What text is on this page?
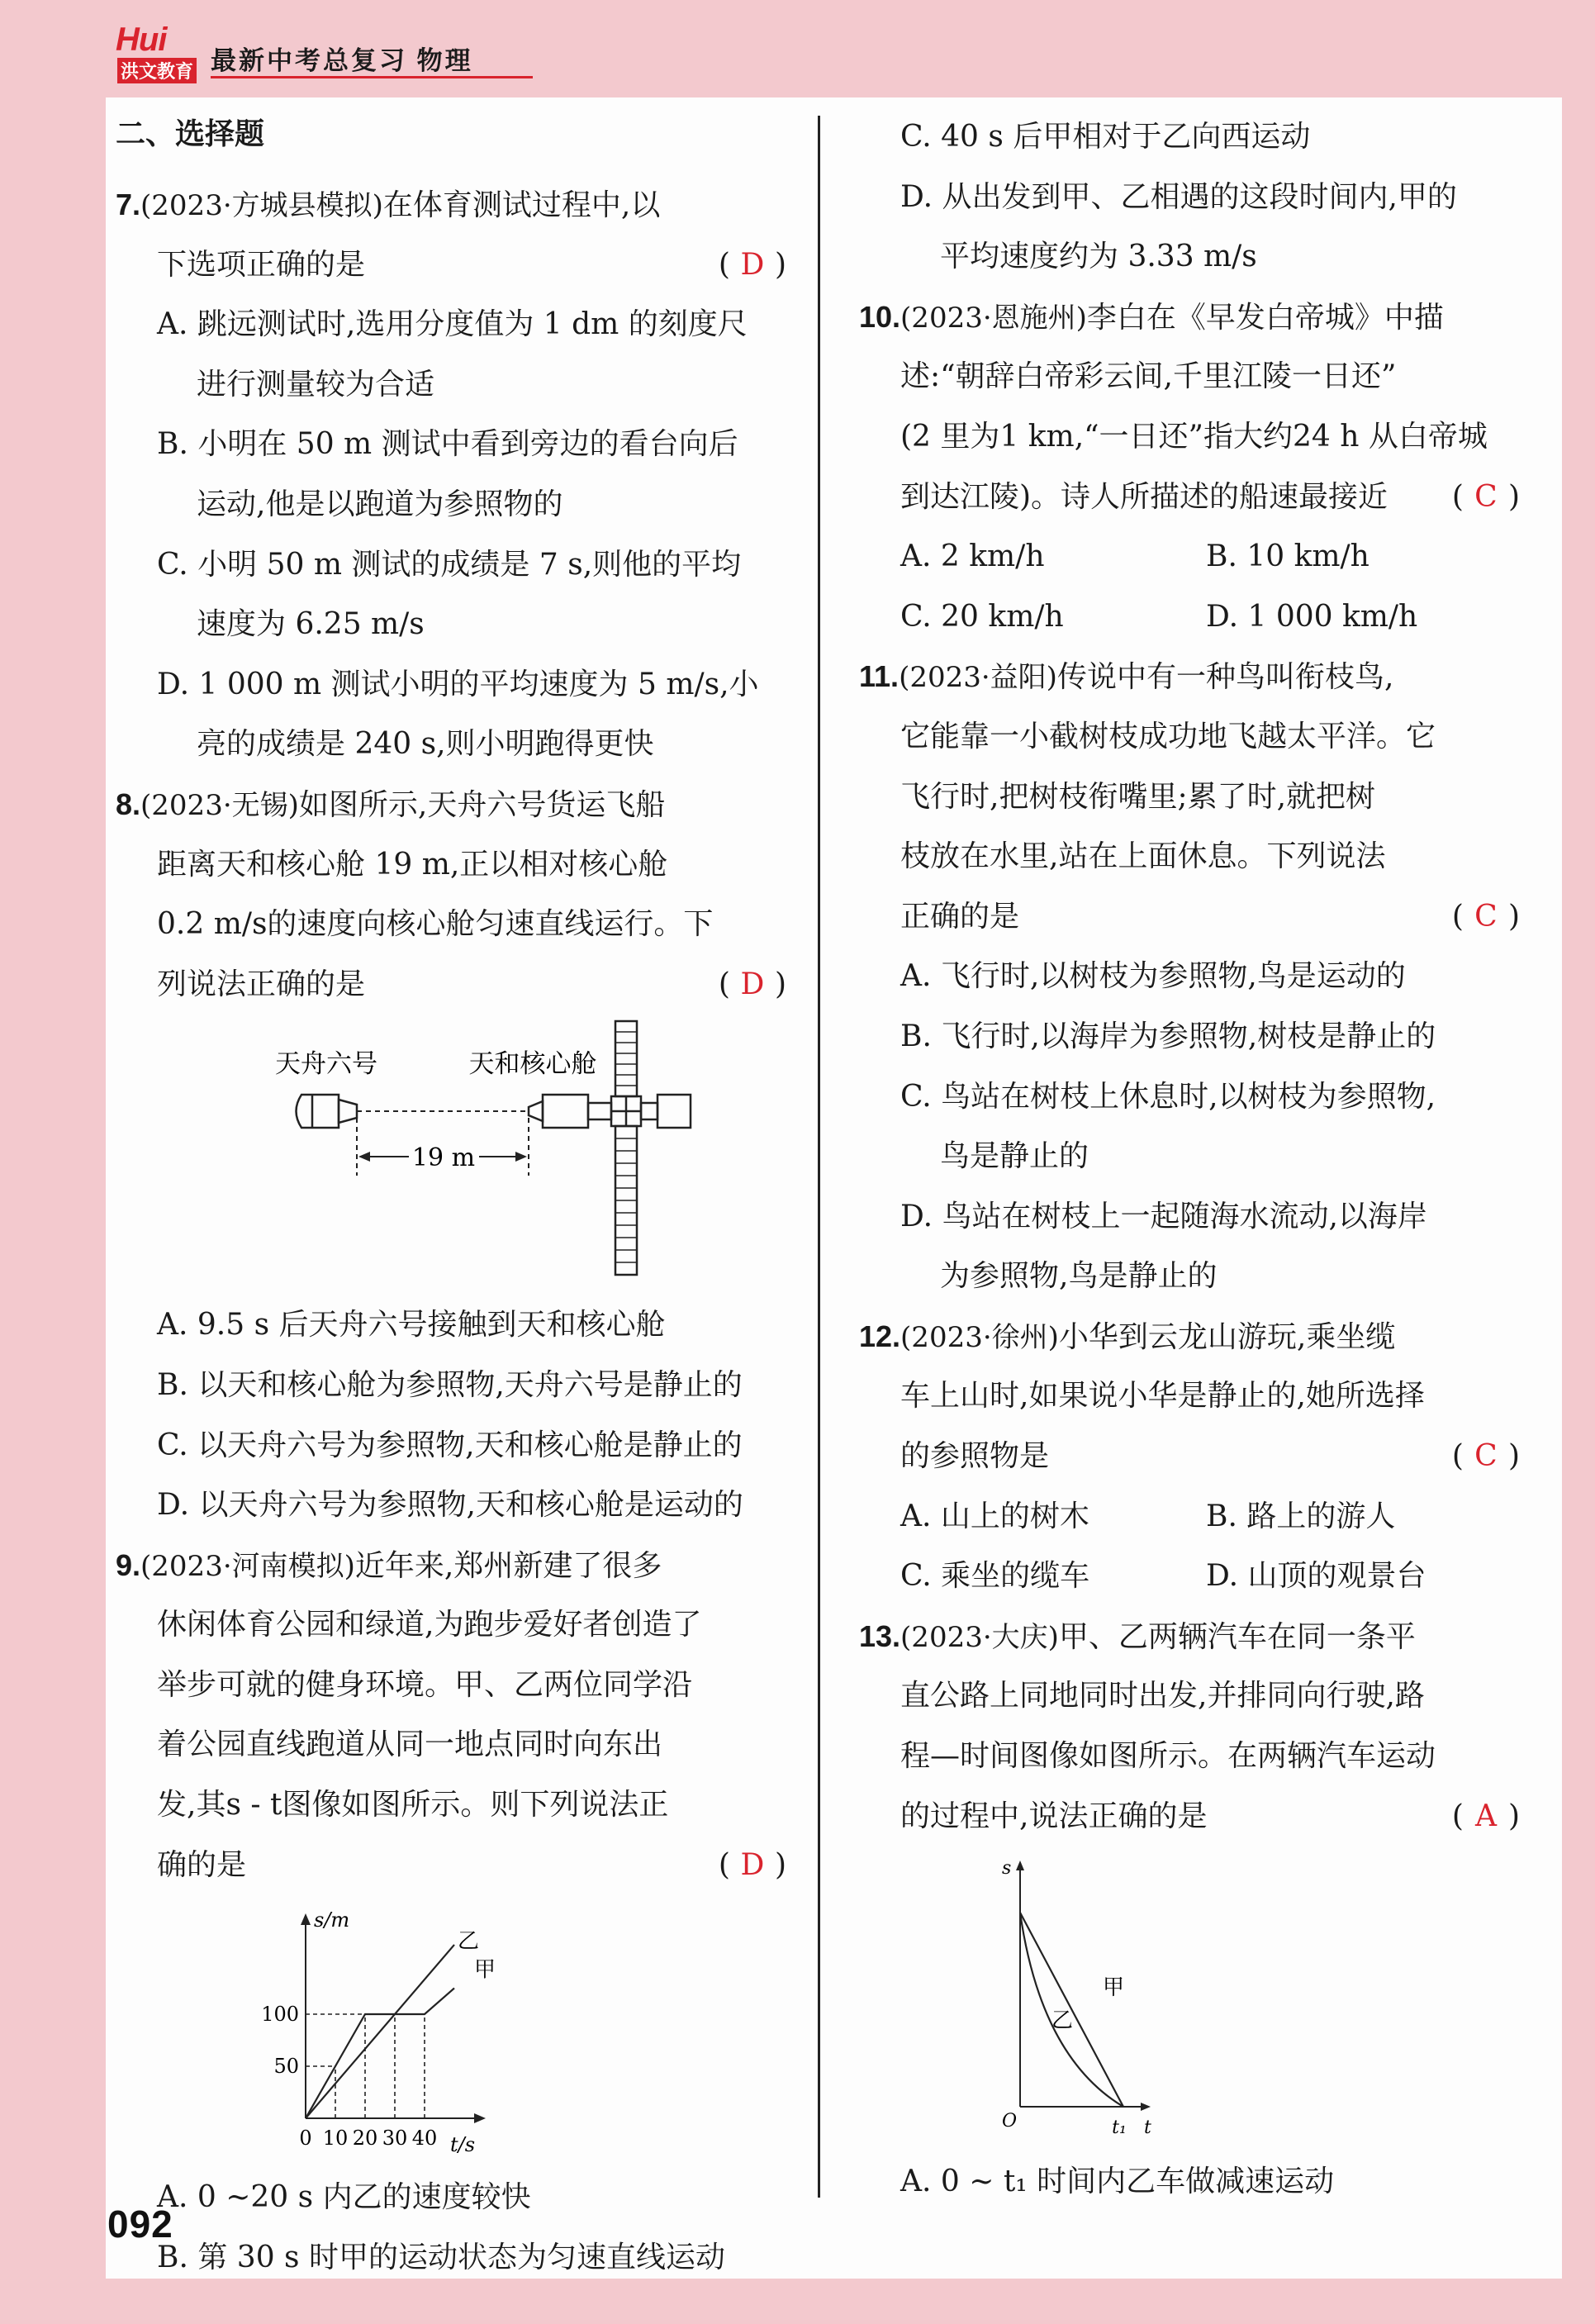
Hui
洪文教育 最新中考总复习 物理
二、选择题
7.(2023·方城县模拟)在体育测试过程中,以
下选项正确的是	( D )
A. 跳远测试时,选用分度值为 1 dm 的刻度尺
进行测量较为合适
B. 小明在 50 m 测试中看到旁边的看台向后
运动,他是以跑道为参照物的
C. 小明 50 m 测试的成绩是 7 s,则他的平均
速度为 6.25 m/s
D. 1 000 m 测试小明的平均速度为 5 m/s,小
亮的成绩是 240 s,则小明跑得更快
8.(2023·无锡)如图所示,天舟六号货运飞船
距离天和核心舱 19 m,正以相对核心舱
0.2 m/s的速度向核心舱匀速直线运行。下
列说法正确的是	( D )
19 m
天舟六号	天和核心舱
A. 9.5 s 后天舟六号接触到天和核心舱
B. 以天和核心舱为参照物,天舟六号是静止的
C. 以天舟六号为参照物,天和核心舱是静止的
D. 以天舟六号为参照物,天和核心舱是运动的
9.(2023·河南模拟)近年来,郑州新建了很多
休闲体育公园和绿道,为跑步爱好者创造了
举步可就的健身环境。甲、乙两位同学沿
着公园直线跑道从同一地点同时向东出
发,其s - t图像如图所示。则下列说法正
确的是	( D )
s/m
t/s
10 20 30 40
0
50
100
乙
甲
A. 0 ~20 s 内乙的速度较快
B. 第 30 s 时甲的运动状态为匀速直线运动
C. 40 s 后甲相对于乙向西运动
D. 从出发到甲、乙相遇的这段时间内,甲的
平均速度约为 3.33 m/s
10.(2023·恩施州)李白在《早发白帝城》中描
述:“朝辞白帝彩云间,千里江陵一日还”
(2 里为1 km,“一日还”指大约24 h 从白帝城
到达江陵)。诗人所描述的船速最接近 ( C )
A. 2 km/h	B. 10 km/h
C. 20 km/h	D. 1 000 km/h
11.(2023·益阳)传说中有一种鸟叫衔枝鸟,
它能靠一小截树枝成功地飞越太平洋。它
飞行时,把树枝衔嘴里;累了时,就把树
枝放在水里,站在上面休息。下列说法
正确的是	( C )
A. 飞行时,以树枝为参照物,鸟是运动的
B. 飞行时,以海岸为参照物,树枝是静止的
C. 鸟站在树枝上休息时,以树枝为参照物,
鸟是静止的
D. 鸟站在树枝上一起随海水流动,以海岸
为参照物,鸟是静止的
12.(2023·徐州)小华到云龙山游玩,乘坐缆
车上山时,如果说小华是静止的,她所选择
的参照物是	( C )
A. 山上的树木	B. 路上的游人
C. 乘坐的缆车	D. 山顶的观景台
13.(2023·大庆)甲、乙两辆汽车在同一条平
直公路上同地同时出发,并排同向行驶,路
程—时间图像如图所示。在两辆汽车运动
的过程中,说法正确的是	( A )
s
t
O	t₁
甲
乙
A. 0 ~ t₁ 时间内乙车做减速运动
092
